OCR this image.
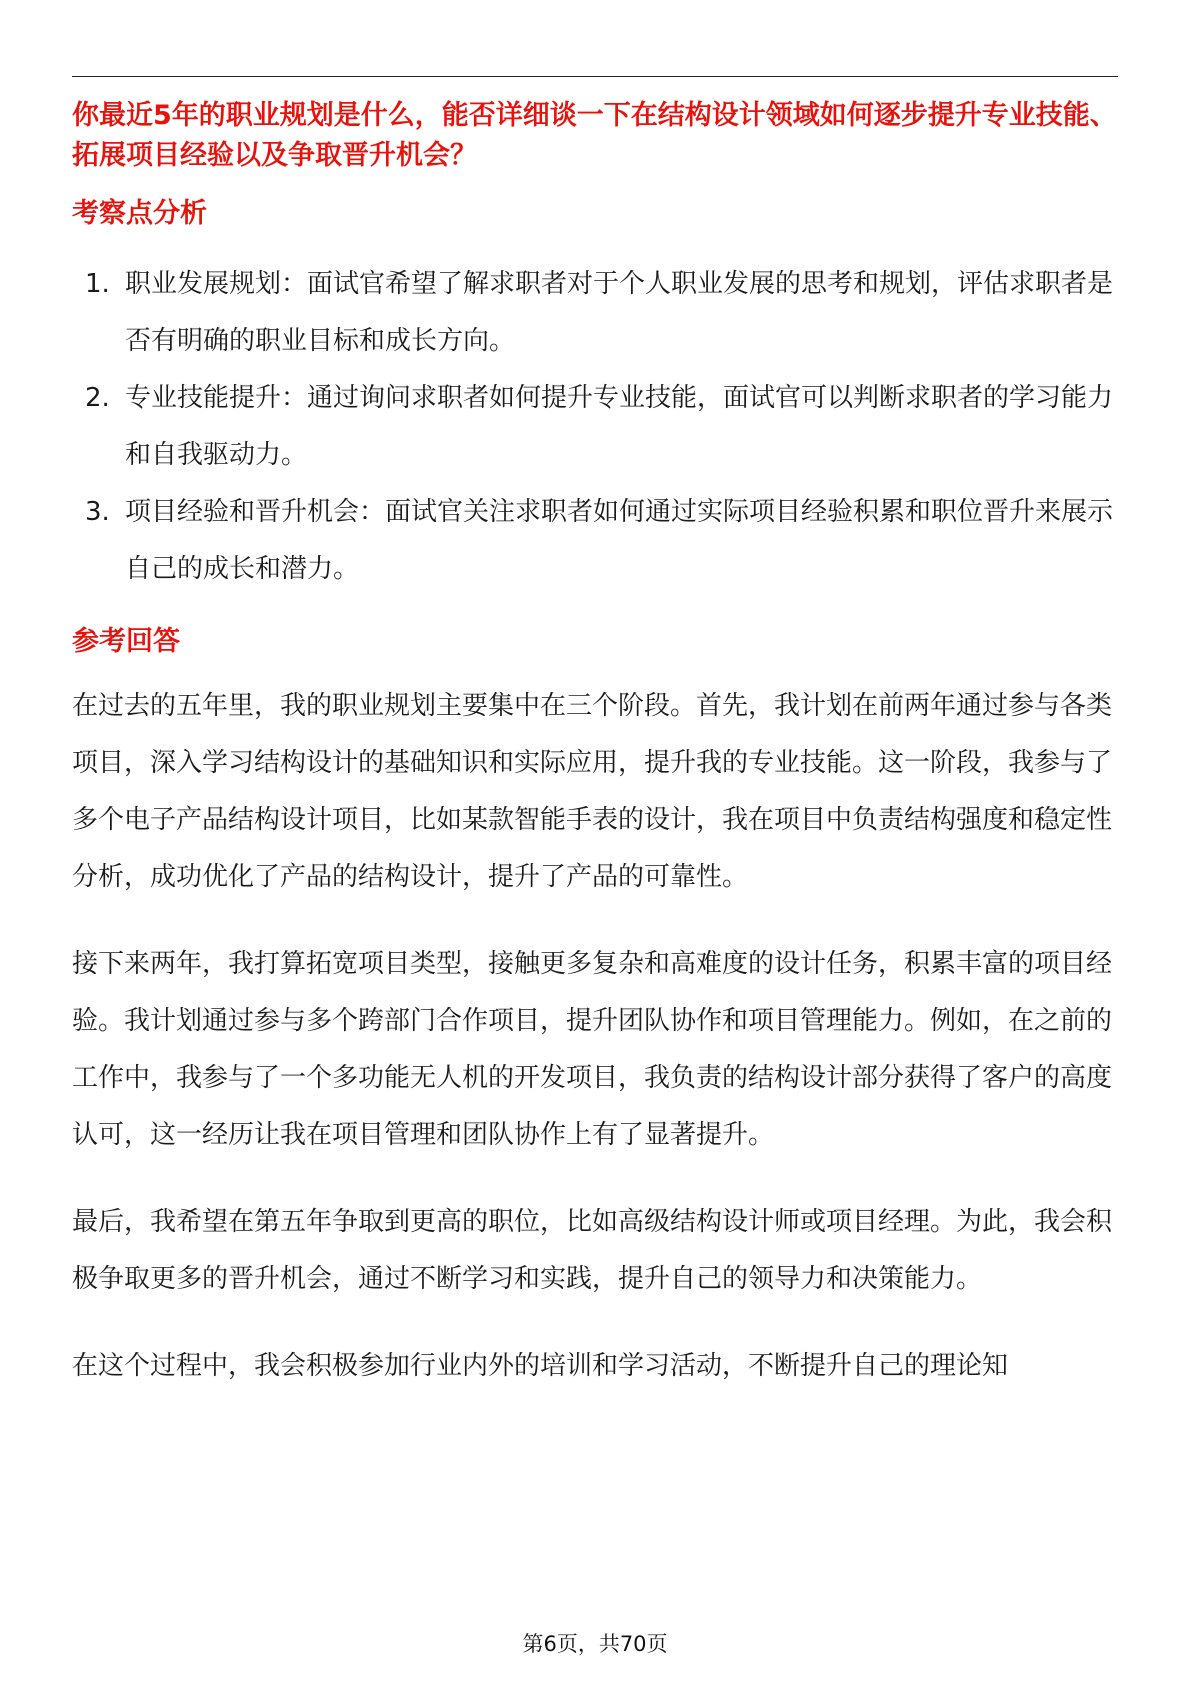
你最近5年的职业规划是什么，能否详细谈一下在结构设计领域如何逐步提升专业技能、拓展项目经验以及争取晋升机会？

考察点分析
1. 职业发展规划：面试官希望了解求职者对于个人职业发展的思考和规划，评估求职者是否有明确的职业目标和成长方向。
2. 专业技能提升：通过询问求职者如何提升专业技能，面试官可以判断求职者的学习能力和自我驱动力。
3. 项目经验和晋升机会：面试官关注求职者如何通过实际项目经验积累和职位晋升来展示自己的成长和潜力。
参考回答

在过去的五年里，我的职业规划主要集中在三个阶段。首先，我计划在前两年通过参与各类项目，深入学习结构设计的基础知识和实际应用，提升我的专业技能。这一阶段，我参与了多个电子产品结构设计项目，比如某款智能手表的设计，我在项目中负责结构强度和稳定性分析，成功优化了产品的结构设计，提升了产品的可靠性。

接下来两年，我打算拓宽项目类型，接触更多复杂和高难度的设计任务，积累丰富的项目经验。我计划通过参与多个跨部门合作项目，提升团队协作和项目管理能力。例如，在之前的工作中，我参与了一个多功能无人机的开发项目，我负责的结构设计部分获得了客户的高度认可，这一经历让我在项目管理和团队协作上有了显著提升。

最后，我希望在第五年争取到更高的职位，比如高级结构设计师或项目经理。为此，我会积极争取更多的晋升机会，通过不断学习和实践，提升自己的领导力和决策能力。

在这个过程中，我会积极参加行业内外的培训和学习活动，不断提升自己的理论知

第6页，共70页
